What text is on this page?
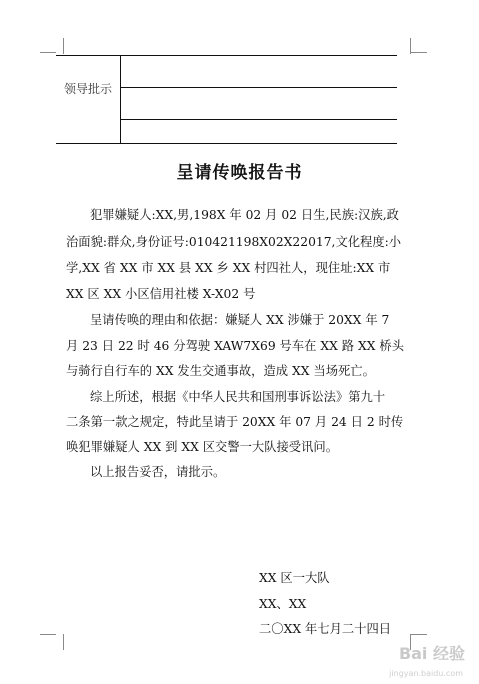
领导批示
呈请传唤报告书
犯罪嫌疑人:XX,男,198X 年 02 月 02 日生,民族:汉族,政
治面貌:群众,身份证号:010421198X02X22017,文化程度:小
学,XX 省 XX 市 XX 县 XX 乡 XX 村四社人，现住址:XX 市
XX 区 XX 小区信用社楼 X-X02 号
呈请传唤的理由和依据：嫌疑人 XX 涉嫌于 20XX 年 7
月 23 日 22 时 46 分驾驶 XAW7X69 号车在 XX 路 XX 桥头
与骑行自行车的 XX 发生交通事故，造成 XX 当场死亡。
综上所述，根据《中华人民共和国刑事诉讼法》第九十
二条第一款之规定，特此呈请于 20XX 年 07 月 24 日 2 时传
唤犯罪嫌疑人 XX 到 XX 区交警一大队接受讯问。
以上报告妥否，请批示。
XX 区一大队
XX、XX
二〇XX 年七月二十四日
Bai 经验
jingyan.baidu.com
